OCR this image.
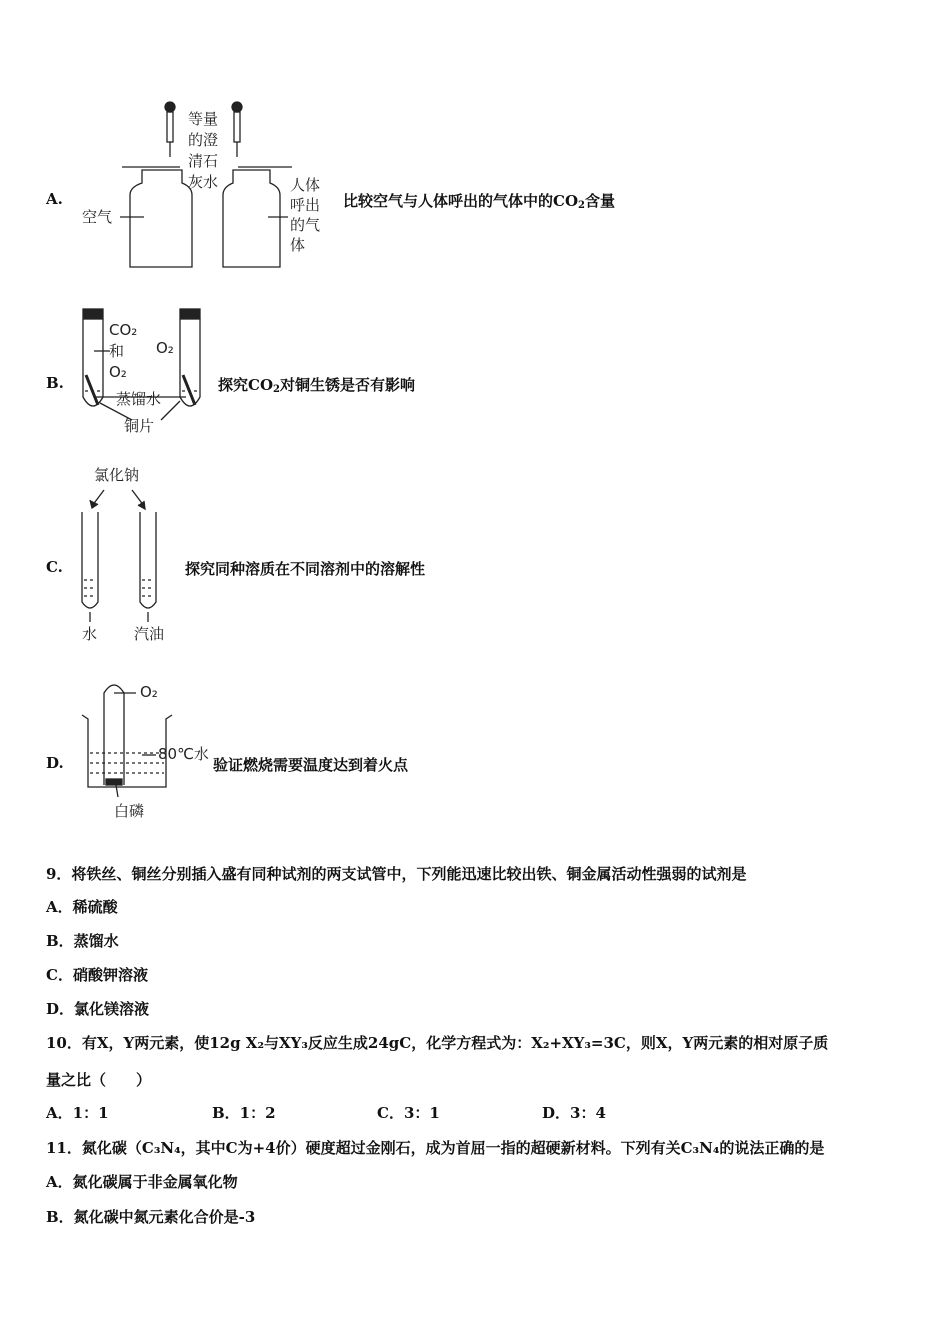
A.
等量
的澄
清石
灰水
空气
人体
呼出
的气
体
比较空气与人体呼出的气体中的$CO_2$含量
B.
CO₂
和
O₂
O₂
蒸馏水
铜片
探究$CO_2$对铜生锈是否有影响
C.
氯化钠
水 汽油
探究同种溶质在不同溶剂中的溶解性
D.
O₂
80℃水
白磷
验证燃烧需要温度达到着火点
9．将铁丝、铜丝分别插入盛有同种试剂的两支试管中，下列能迅速比较出铁、铜金属活动性强弱的试剂是
A．稀硫酸
B．蒸馏水
C．硝酸钾溶液
D．氯化镁溶液
10．有X，Y两元素，使12g X₂与XY₃反应生成24gC，化学方程式为：X₂+XY₃=3C，则X，Y两元素的相对原子质
量之比（　　）
A．1：1	B．1：2	C．3：1	D．3：4
11．氮化碳（C₃N₄，其中C为+4价）硬度超过金刚石，成为首屈一指的超硬新材料。下列有关C₃N₄的说法正确的是
A．氮化碳属于非金属氧化物
B．氮化碳中氮元素化合价是-3
